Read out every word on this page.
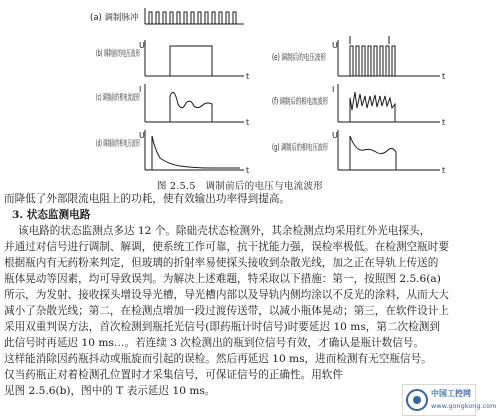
U
I
U
U
I
U
t
t
t
t
t
t
(a) 调制脉冲
(b) 调制前的电压波形
(c) 调制前的相电流波形
(d) 调制前的相电压波形
(e) 调制后的电压波形
(f) 调制后的相电流波形
(g) 调制后的相电压波形
图 2.5.5　调制前后的电压与电流波形
而降低了外部限流电阻上的功耗，使有效输出功率得到提高。
3. 状态监测电路
该电路的状态监测点多达 12 个。除础壳状态检测外，其余检测点均采用红外光电探头，
并通过对信号进行调制、解调，使系统工作可靠，抗干扰能力强，误检率极低。在检测空瓶时要
根据瓶内有无药粉来判定，但玻璃的折射率易使探头接收到杂散光线，加之正在导轨上传送的
瓶体晃动等因素，均可导致误判。为解决上述难题，特采取以下措施：第一，按照图 2.5.6(a)
所示，为发射、接收探头增设导光槽，导光槽内部以及导轨内侧均涂以不反光的涂料，从而大大
减小了杂散光线；第二，在检测点增加一段过渡传送带，以减小瓶体晃动；第三，在软件设计上
采用双重判误方法，首次检测到瓶托光信号(即药瓶计时信号)时要延迟 10 ms，第二次检测到
此信号时再延迟 10 ms…。若连续 3 次检测出的瓶到位信号有效，才确认是瓶计数信号。
这样能消除因药瓶抖动或瓶旋而引起的误检。然后再延迟 10 ms，进而检测有无空瓶信号。
仅当药瓶正对着检测孔位置时才采集信号，可保证信号的正确性。用软件
见图 2.5.6(b)，图中的 T 表示延迟 10 ms。	中国工控网
www.gongkong.com
